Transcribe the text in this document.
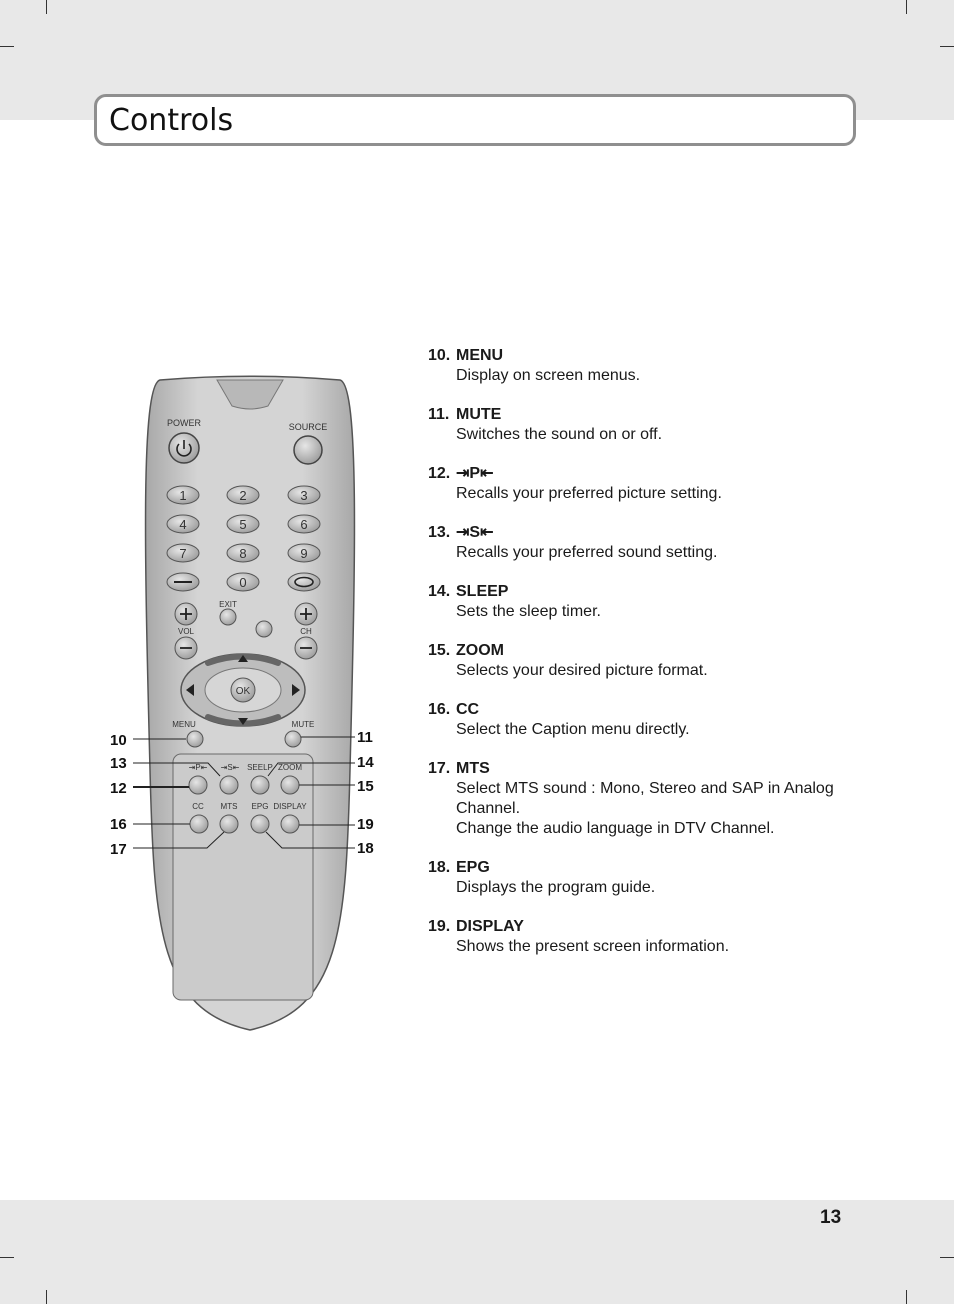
Controls
POWER	SOURCE
1	2	3
4	5	6
7	8	9
0
EXIT
VOL	CH
OK
MENU	MUTE
⇥P⇤ ⇥S⇤ SEELP ZOOM
CC MTS EPG DISPLAY
10
13
12
16
17
11
14
15
19
18
10. MENU
Display on screen menus.
11. MUTE
Switches the sound on or off.
12. ⇥P⇤
Recalls your preferred picture setting.
13. ⇥S⇤
Recalls your preferred sound setting.
14. SLEEP
Sets the sleep timer.
15. ZOOM
Selects your desired picture format.
16. CC
Select the Caption menu directly.
17. MTS
Select MTS sound : Mono, Stereo and SAP in Analog Channel.
Change the audio language in DTV Channel.
18. EPG
Displays the program guide.
19. DISPLAY
Shows the present screen information.
13
